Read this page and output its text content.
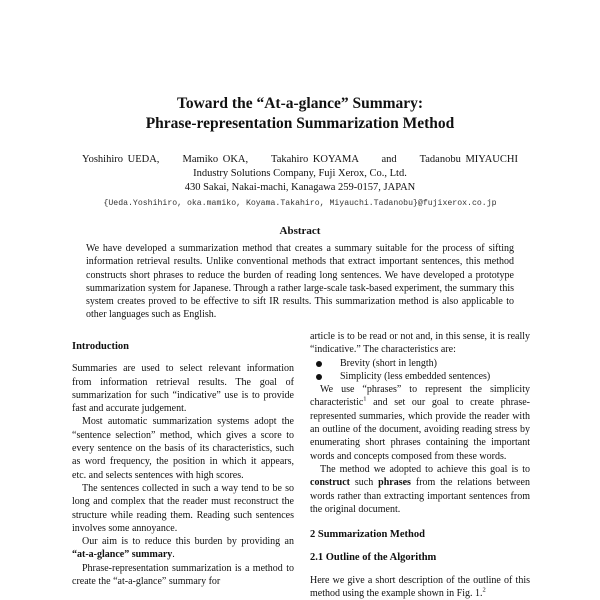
Toward the “At-a-glance” Summary:
Phrase-representation Summarization Method
Yoshihiro UEDA,     Mamiko OKA,     Takahiro KOYAMA     and     Tadanobu MIYAUCHI
Industry Solutions Company, Fuji Xerox, Co., Ltd.
430 Sakai, Nakai-machi, Kanagawa 259-0157, JAPAN
{Ueda.Yoshihiro, oka.mamiko, Koyama.Takahiro, Miyauchi.Tadanobu}@fujixerox.co.jp
Abstract
We have developed a summarization method that creates a summary suitable for the process of sifting information retrieval results. Unlike conventional methods that extract important sentences, this method constructs short phrases to reduce the burden of reading long sentences. We have developed a prototype summarization system for Japanese. Through a rather large-scale task-based experiment, the summary this system creates proved to be effective to sift IR results. This summarization method is also applicable to other languages such as English.

Introduction

Summaries are used to select relevant information from information retrieval results. The goal of summarization for such “indicative” use is to provide fast and accurate judgement.

Most automatic summarization systems adopt the “sentence selection” method, which gives a score to every sentence on the basis of its characteristics, such as word frequency, the position in which it appears, etc. and selects sentences with high scores.

The sentences collected in such a way tend to be so long and complex that the reader must reconstruct the structure while reading them. Reading such sentences involves some annoyance.

Our aim is to reduce this burden by providing an “at-a-glance” summary.

Phrase-representation summarization is a method to create the “at-a-glance” summary for

article is to be read or not and, in this sense, it is really “indicative.” The characteristics are:

Brevity (short in length)
Simplicity (less embedded sentences)

We use “phrases” to represent the simplicity characteristic$^1$ and set our goal to create phrase-represented summaries, which provide the reader with an outline of the document, avoiding reading stress by enumerating short phrases containing the important words and concepts composed from these words.

The method we adopted to achieve this goal is to construct such phrases from the relations between words rather than extracting important sentences from the original document.

2 Summarization Method

2.1 Outline of the Algorithm

Here we give a short description of the outline of this method using the example shown in Fig. 1.$^2$
